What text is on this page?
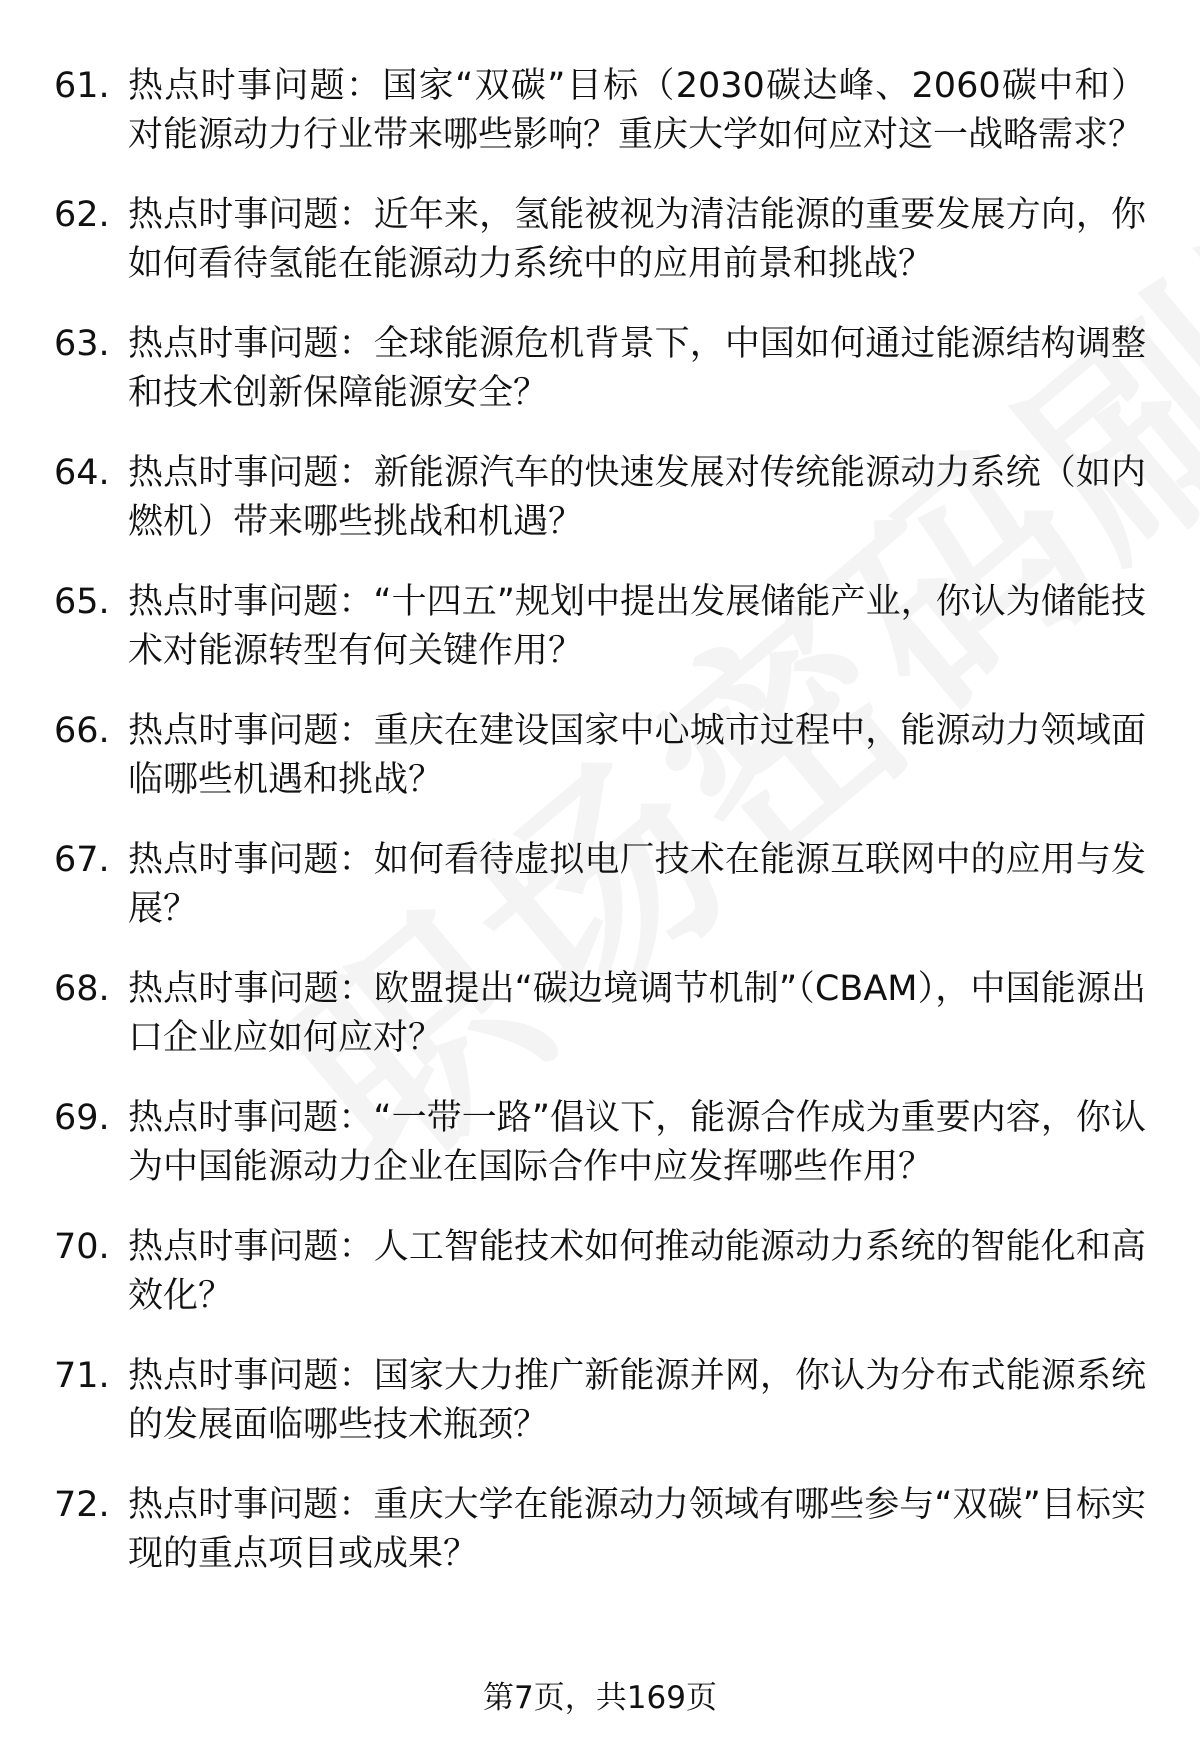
61. 热点时事问题：国家“双碳”目标（2030碳达峰、2060碳中和）对能源动力行业带来哪些影响？重庆大学如何应对这一战略需求？
62. 热点时事问题：近年来，氢能被视为清洁能源的重要发展方向，你如何看待氢能在能源动力系统中的应用前景和挑战？
63. 热点时事问题：全球能源危机背景下，中国如何通过能源结构调整和技术创新保障能源安全？
64. 热点时事问题：新能源汽车的快速发展对传统能源动力系统（如内燃机）带来哪些挑战和机遇？
65. 热点时事问题：“十四五”规划中提出发展储能产业，你认为储能技术对能源转型有何关键作用？
66. 热点时事问题：重庆在建设国家中心城市过程中，能源动力领域面临哪些机遇和挑战？
67. 热点时事问题：如何看待虚拟电厂技术在能源互联网中的应用与发展？
68. 热点时事问题：欧盟提出“碳边境调节机制”（CBAM），中国能源出口企业应如何应对？
69. 热点时事问题：“一带一路”倡议下，能源合作成为重要内容，你认为中国能源动力企业在国际合作中应发挥哪些作用？
70. 热点时事问题：人工智能技术如何推动能源动力系统的智能化和高效化？
71. 热点时事问题：国家大力推广新能源并网，你认为分布式能源系统的发展面临哪些技术瓶颈？
72. 热点时事问题：重庆大学在能源动力领域有哪些参与“双碳”目标实现的重点项目或成果？
第7页，共169页
